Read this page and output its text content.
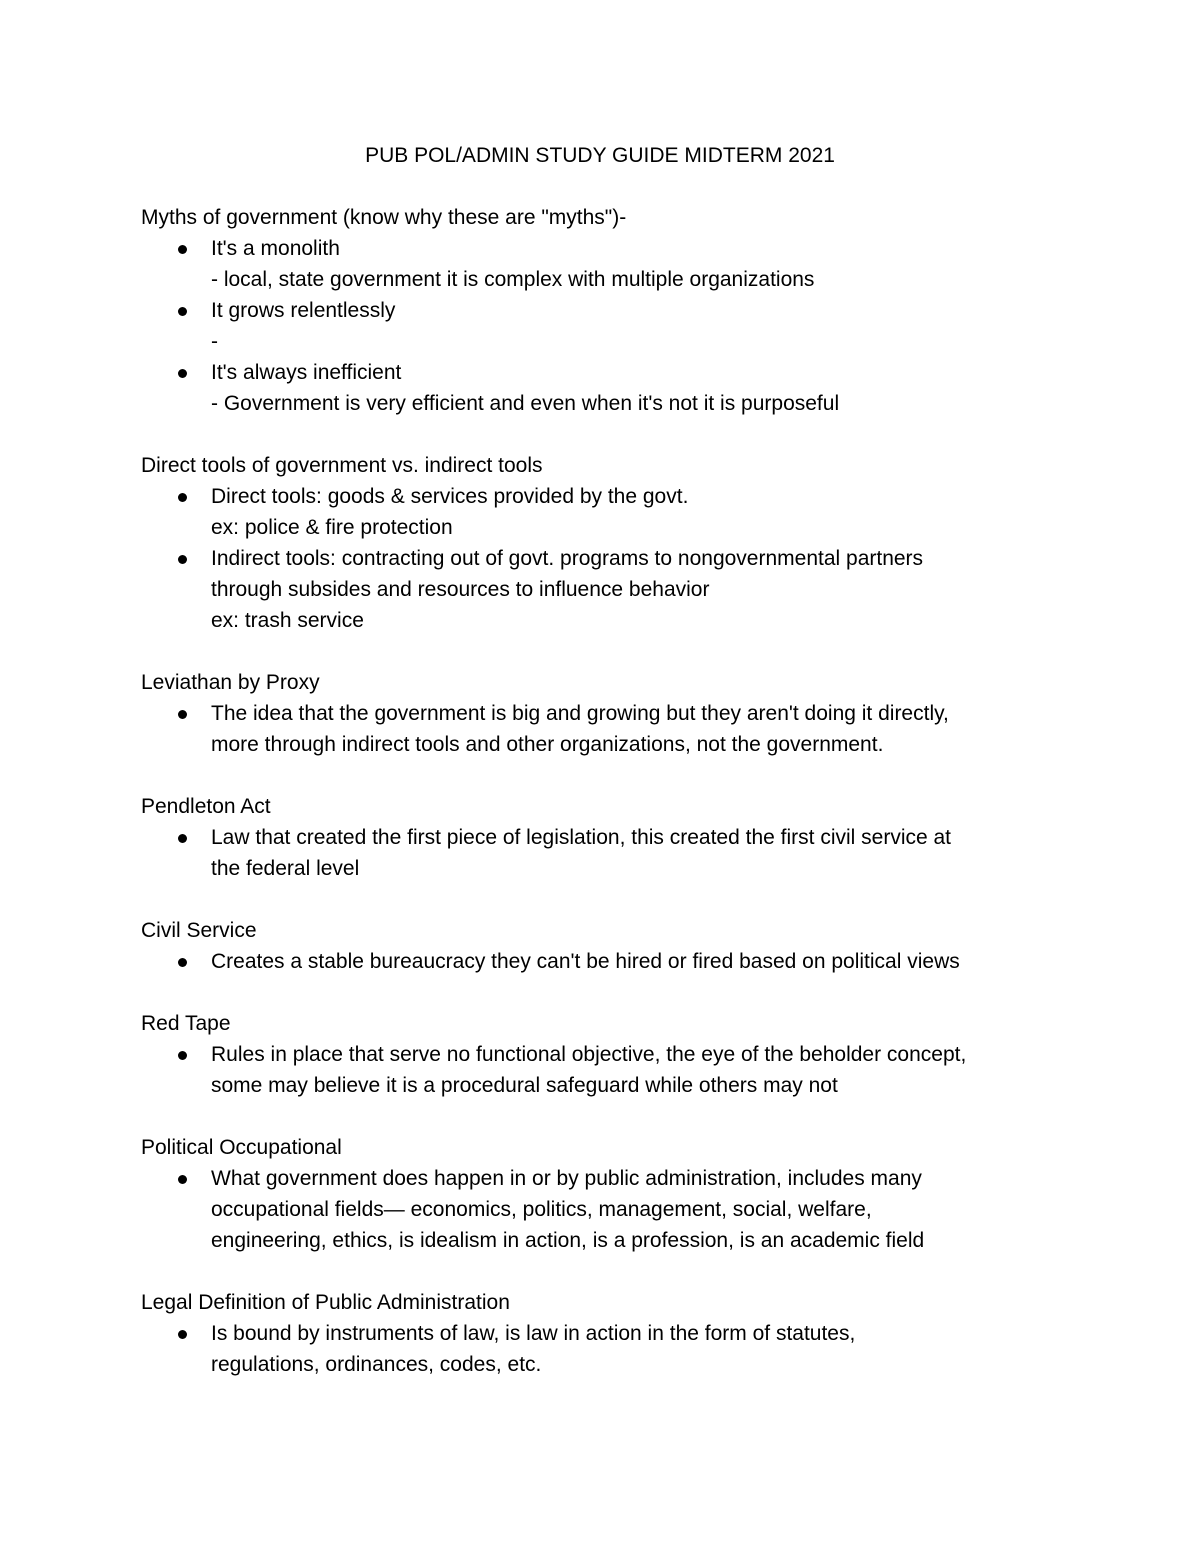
PUB POL/ADMIN STUDY GUIDE MIDTERM 2021
Myths of government (know why these are "myths")-
It's a monolith
- local, state government it is complex with multiple organizations
It grows relentlessly
-
It's always inefficient
- Government is very efficient and even when it's not it is purposeful
Direct tools of government vs. indirect tools
Direct tools: goods & services provided by the govt.
ex: police & fire protection
Indirect tools: contracting out of govt. programs to nongovernmental partners
through subsides and resources to influence behavior
ex: trash service
Leviathan by Proxy
The idea that the government is big and growing but they aren't doing it directly,
more through indirect tools and other organizations, not the government.
Pendleton Act
Law that created the first piece of legislation, this created the first civil service at
the federal level
Civil Service
Creates a stable bureaucracy they can't be hired or fired based on political views
Red Tape
Rules in place that serve no functional objective, the eye of the beholder concept,
some may believe it is a procedural safeguard while others may not
Political Occupational
What government does happen in or by public administration, includes many
occupational fields— economics, politics, management, social, welfare,
engineering, ethics, is idealism in action, is a profession, is an academic field
Legal Definition of Public Administration
Is bound by instruments of law, is law in action in the form of statutes,
regulations, ordinances, codes, etc.
